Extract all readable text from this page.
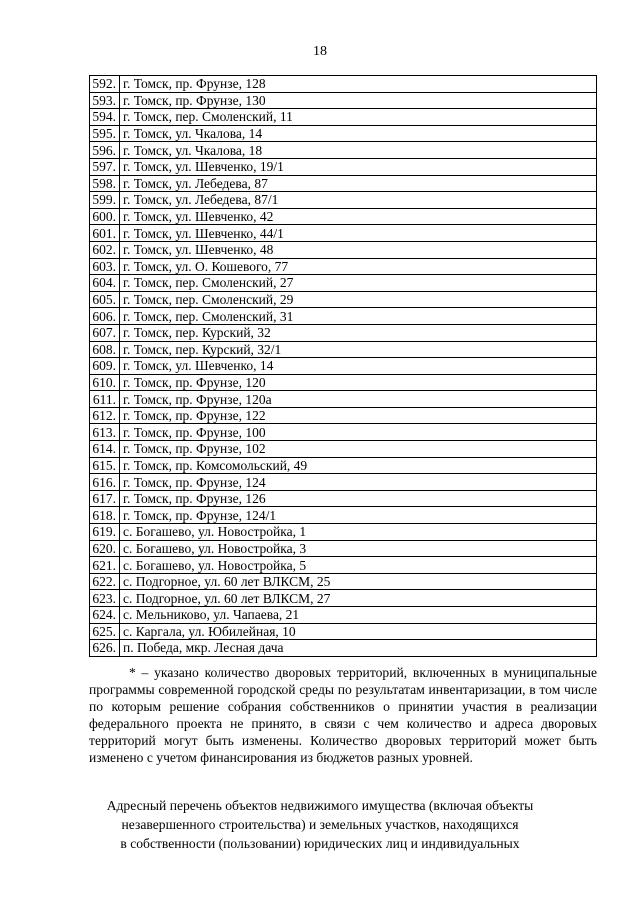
18
592.	г. Томск, пр. Фрунзе, 128
593.	г. Томск, пр. Фрунзе, 130
594.	г. Томск, пер. Смоленский, 11
595.	г. Томск, ул. Чкалова, 14
596.	г. Томск, ул. Чкалова, 18
597.	г. Томск, ул. Шевченко, 19/1
598.	г. Томск, ул. Лебедева, 87
599.	г. Томск, ул. Лебедева, 87/1
600.	г. Томск, ул. Шевченко, 42
601.	г. Томск, ул. Шевченко, 44/1
602.	г. Томск, ул. Шевченко, 48
603.	г. Томск, ул. О. Кошевого, 77
604.	г. Томск, пер. Смоленский, 27
605.	г. Томск, пер. Смоленский, 29
606.	г. Томск, пер. Смоленский, 31
607.	г. Томск, пер. Курский, 32
608.	г. Томск, пер. Курский, 32/1
609.	г. Томск, ул. Шевченко, 14
610.	г. Томск, пр. Фрунзе, 120
611.	г. Томск, пр. Фрунзе, 120а
612.	г. Томск, пр. Фрунзе, 122
613.	г. Томск, пр. Фрунзе, 100
614.	г. Томск, пр. Фрунзе, 102
615.	г. Томск, пр. Комсомольский, 49
616.	г. Томск, пр. Фрунзе, 124
617.	г. Томск, пр. Фрунзе, 126
618.	г. Томск, пр. Фрунзе, 124/1
619.	с. Богашево, ул. Новостройка, 1
620.	с. Богашево, ул. Новостройка, 3
621.	с. Богашево, ул. Новостройка, 5
622.	с. Подгорное, ул. 60 лет ВЛКСМ, 25
623.	с. Подгорное, ул. 60 лет ВЛКСМ, 27
624.	с. Мельниково, ул. Чапаева, 21
625.	с. Каргала, ул. Юбилейная, 10
626.	п. Победа, мкр. Лесная дача

* – указано количество дворовых территорий, включенных в муниципальные программы современной городской среды по результатам инвентаризации, в том числе по которым решение собрания собственников о принятии участия в реализации федерального проекта не принято, в связи с чем количество и адреса дворовых территорий могут быть изменены. Количество дворовых территорий может быть изменено с учетом финансирования из бюджетов разных уровней.

Адресный перечень объектов недвижимого имущества (включая объекты
незавершенного строительства) и земельных участков, находящихся
в собственности (пользовании) юридических лиц и индивидуальных
